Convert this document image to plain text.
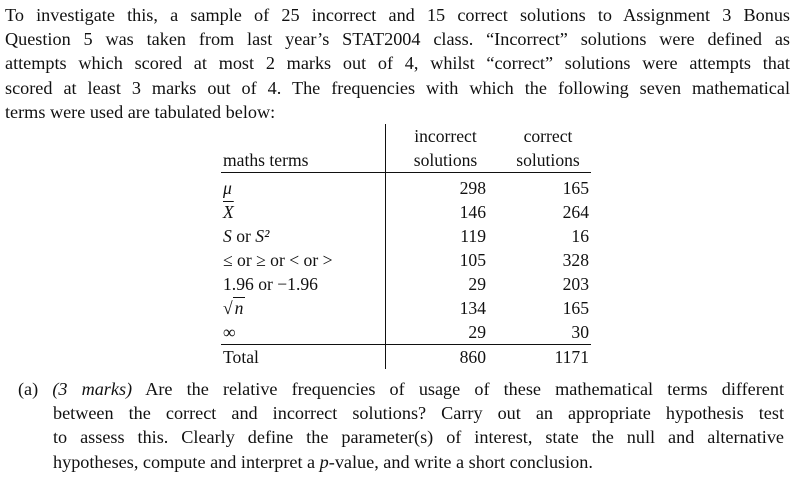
To investigate this, a sample of 25 incorrect and 15 correct solutions to Assignment 3 Bonus
Question 5 was taken from last year’s STAT2004 class. “Incorrect” solutions were defined as
attempts which scored at most 2 marks out of 4, whilst “correct” solutions were attempts that
scored at least 3 marks out of 4. The frequencies with which the following seven mathematical
terms were used are tabulated below:

	incorrect	correct
maths terms	solutions	solutions
μ	298	165
$\overline{X}$	146	264
S or S²	119	16
≤ or ≥ or < or >	105	328
1.96 or −1.96	29	203
√ n	134	165
∞	29	30
Total	860	1171

(a) (3 marks) Are the relative frequencies of usage of these mathematical terms different
between the correct and incorrect solutions? Carry out an appropriate hypothesis test
to assess this. Clearly define the parameter(s) of interest, state the null and alternative
hypotheses, compute and interpret a p-value, and write a short conclusion.
